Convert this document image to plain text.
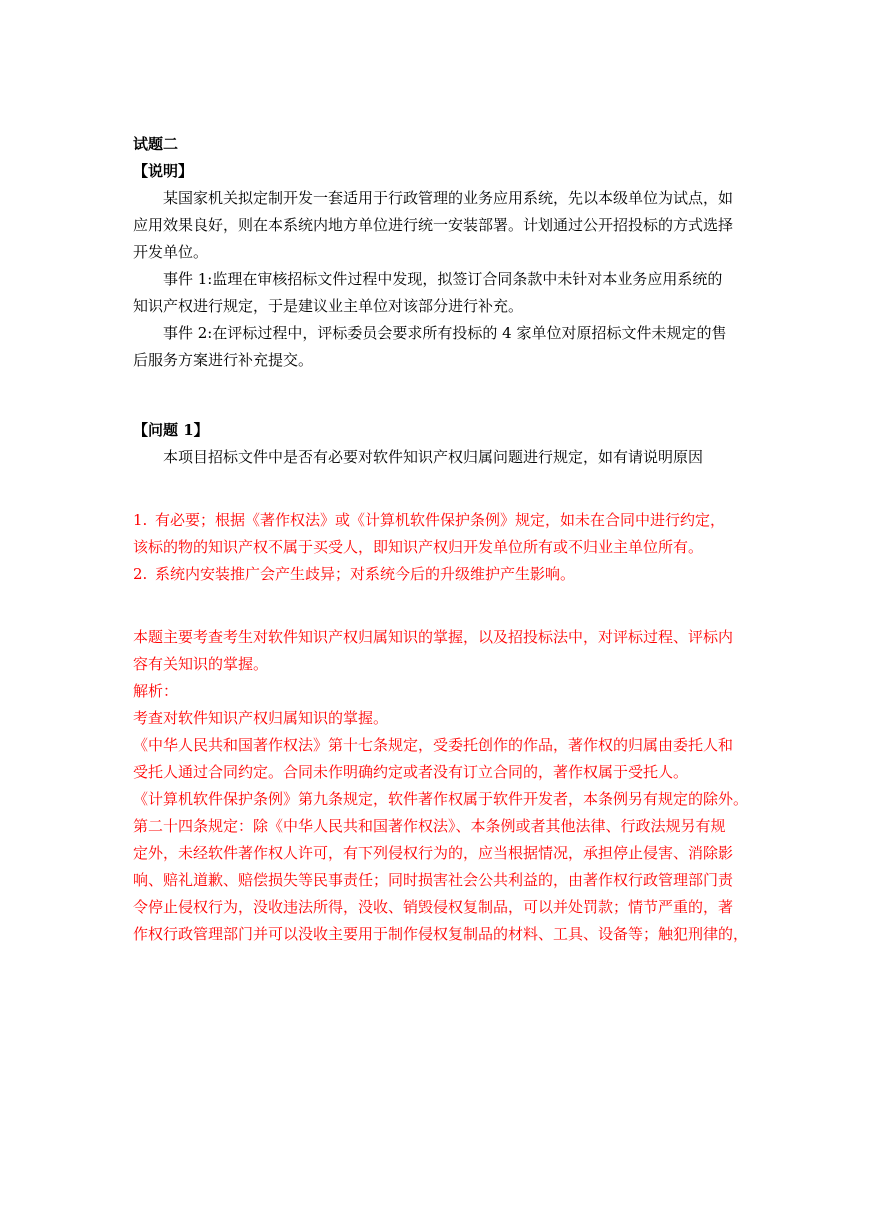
试题二

【说明】

某国家机关拟定制开发一套适用于行政管理的业务应用系统，先以本级单位为试点，如

应用效果良好，则在本系统内地方单位进行统一安装部署。计划通过公开招投标的方式选择

开发单位。

事件 1:监理在审核招标文件过程中发现，拟签订合同条款中未针对本业务应用系统的

知识产权进行规定，于是建议业主单位对该部分进行补充。

事件 2:在评标过程中，评标委员会要求所有投标的 4 家单位对原招标文件未规定的售

后服务方案进行补充提交。

【问题 1】

本项目招标文件中是否有必要对软件知识产权归属问题进行规定，如有请说明原因

1. 有必要；根据《著作权法》或《计算机软件保护条例》规定，如未在合同中进行约定，

该标的物的知识产权不属于买受人，即知识产权归开发单位所有或不归业主单位所有。

2. 系统内安装推广会产生歧异；对系统今后的升级维护产生影响。

本题主要考查考生对软件知识产权归属知识的掌握，以及招投标法中，对评标过程、评标内

容有关知识的掌握。

解析：

考查对软件知识产权归属知识的掌握。

《中华人民共和国著作权法》第十七条规定，受委托创作的作品，著作权的归属由委托人和

受托人通过合同约定。合同未作明确约定或者没有订立合同的，著作权属于受托人。

《计算机软件保护条例》第九条规定，软件著作权属于软件开发者，本条例另有规定的除外。

第二十四条规定：除《中华人民共和国著作权法》、本条例或者其他法律、行政法规另有规

定外，未经软件著作权人许可，有下列侵权行为的，应当根据情况，承担停止侵害、消除影

响、赔礼道歉、赔偿损失等民事责任；同时损害社会公共利益的，由著作权行政管理部门责

令停止侵权行为，没收违法所得，没收、销毁侵权复制品，可以并处罚款；情节严重的，著

作权行政管理部门并可以没收主要用于制作侵权复制品的材料、工具、设备等；触犯刑律的，
